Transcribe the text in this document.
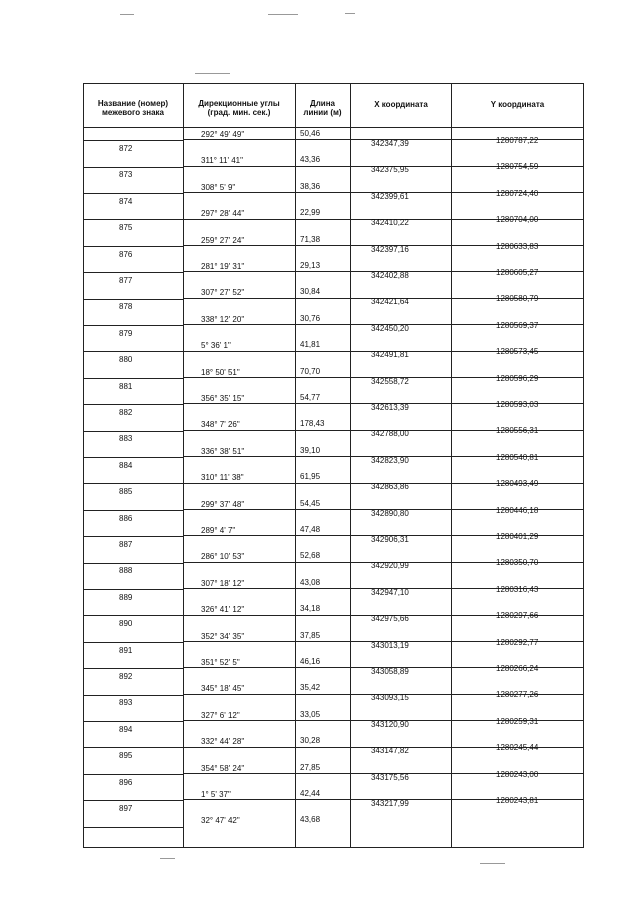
Название (номер)
межевого знака
Дирекционные углы
(град. мин. сек.)
Длина
линии (м)
X координата	Y координата
292° 49' 49"
311° 11' 41"
308° 5' 9"
297° 28' 44"
259° 27' 24"
281° 19' 31"
307° 27' 52"
338° 12' 20"
5° 36' 1"
18° 50' 51"
356° 35' 15"
348° 7' 26"
336° 38' 51"
310° 11' 38"
299° 37' 48"
289° 4' 7"
286° 10' 53"
307° 18' 12"
326° 41' 12"
352° 34' 35"
351° 52' 5"
345° 18' 45"
327° 6' 12"
332° 44' 28"
354° 58' 24"
1° 5' 37"
32° 47' 42"
50,46
43,36
38,36
22,99
71,38
29,13
30,84
30,76
41,81
70,70
54,77
178,43
39,10
61,95
54,45
47,48
52,68
43,08
34,18
37,85
46,16
35,42
33,05
30,28
27,85
42,44
43,68
872
873
874
875
876
877
878
879
880
881
882
883
884
885
886
887
888
889
890
891
892
893
894
895
896
897
342347,39
342375,95
342399,61
342410,22
342397,16
342402,88
342421,64
342450,20
342491,81
342558,72
342613,39
342788,00
342823,90
342863,86
342890,80
342906,31
342920,99
342947,10
342975,66
343013,19
343058,89
343093,15
343120,90
343147,82
343175,56
343217,99
1280787,22
1280754,59
1280724,40
1280704,00
1280633,83
1280605,27
1280580,79
1280569,37
1280573,45
1280596,29
1280593,03
1280556,31
1280540,81
1280493,49
1280446,18
1280401,29
1280350,70
1280316,43
1280297,66
1280292,77
1280266,24
1280277,26
1280259,31
1280245,44
1280243,00
1280243,81
